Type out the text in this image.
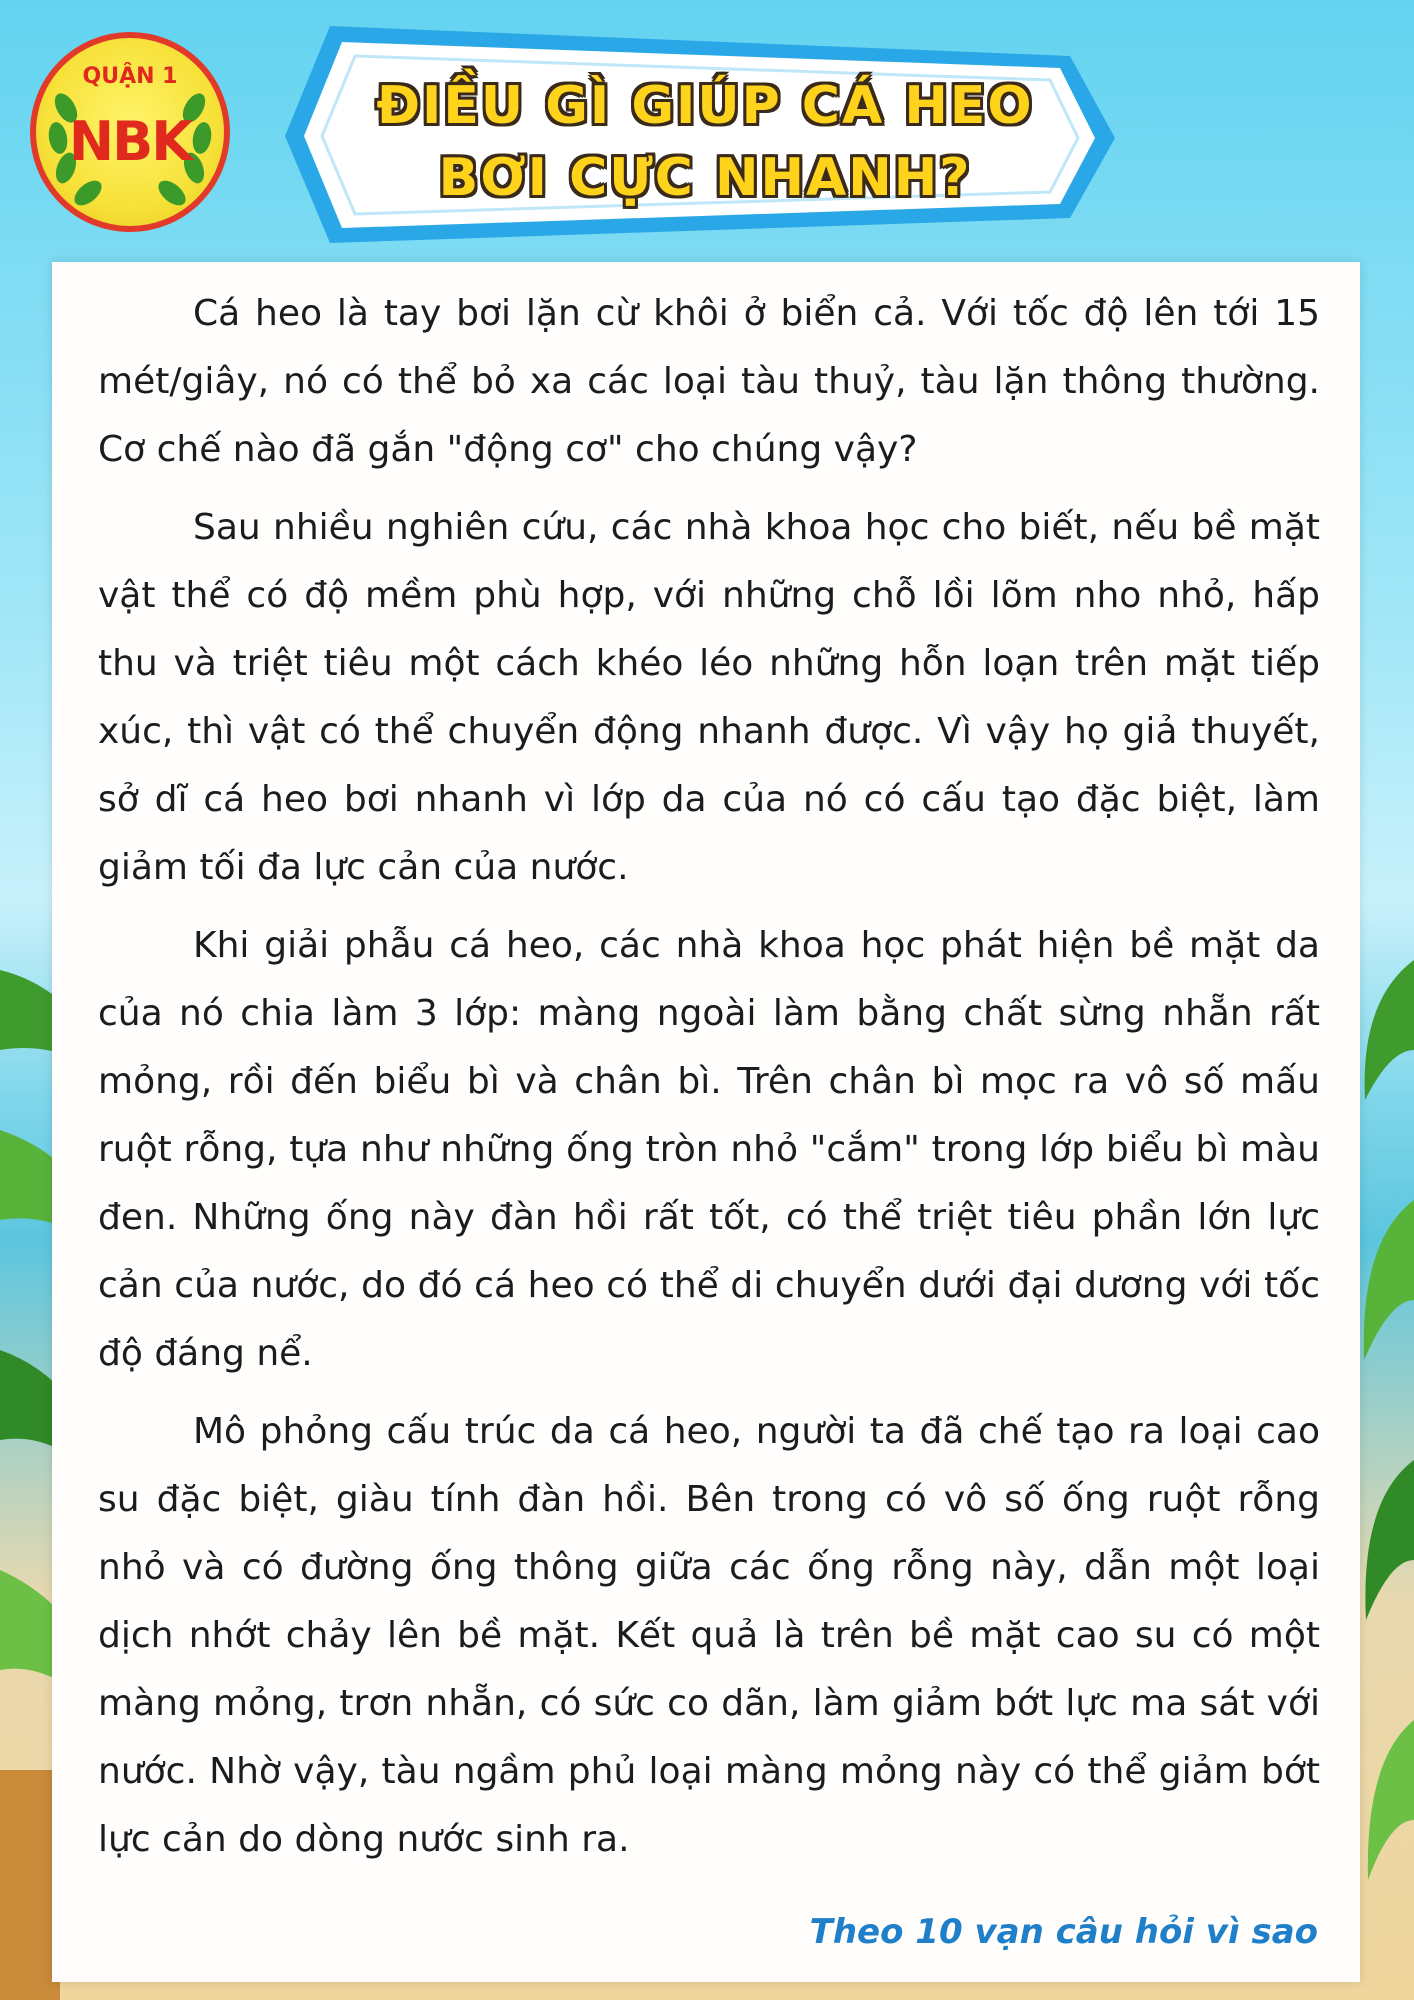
QUẬN 1
NBK
ĐIỀU GÌ GIÚP CÁ HEO
BƠI CỰC NHANH?

Cá heo là tay bơi lặn cừ khôi ở biển cả. Với tốc độ lên tới 15 mét/giây, nó có thể bỏ xa các loại tàu thuỷ, tàu lặn thông thường. Cơ chế nào đã gắn "động cơ" cho chúng vậy?

Sau nhiều nghiên cứu, các nhà khoa học cho biết, nếu bề mặt vật thể có độ mềm phù hợp, với những chỗ lồi lõm nho nhỏ, hấp thu và triệt tiêu một cách khéo léo những hỗn loạn trên mặt tiếp xúc, thì vật có thể chuyển động nhanh được. Vì vậy họ giả thuyết, sở dĩ cá heo bơi nhanh vì lớp da của nó có cấu tạo đặc biệt, làm giảm tối đa lực cản của nước.

Khi giải phẫu cá heo, các nhà khoa học phát hiện bề mặt da của nó chia làm 3 lớp: màng ngoài làm bằng chất sừng nhẵn rất mỏng, rồi đến biểu bì và chân bì. Trên chân bì mọc ra vô số mấu ruột rỗng, tựa như những ống tròn nhỏ "cắm" trong lớp biểu bì màu đen. Những ống này đàn hồi rất tốt, có thể triệt tiêu phần lớn lực cản của nước, do đó cá heo có thể di chuyển dưới đại dương với tốc độ đáng nể.

Mô phỏng cấu trúc da cá heo, người ta đã chế tạo ra loại cao su đặc biệt, giàu tính đàn hồi. Bên trong có vô số ống ruột rỗng nhỏ và có đường ống thông giữa các ống rỗng này, dẫn một loại dịch nhớt chảy lên bề mặt. Kết quả là trên bề mặt cao su có một màng mỏng, trơn nhẵn, có sức co dãn, làm giảm bớt lực ma sát với nước. Nhờ vậy, tàu ngầm phủ loại màng mỏng này có thể giảm bớt lực cản do dòng nước sinh ra.

Theo 10 vạn câu hỏi vì sao
